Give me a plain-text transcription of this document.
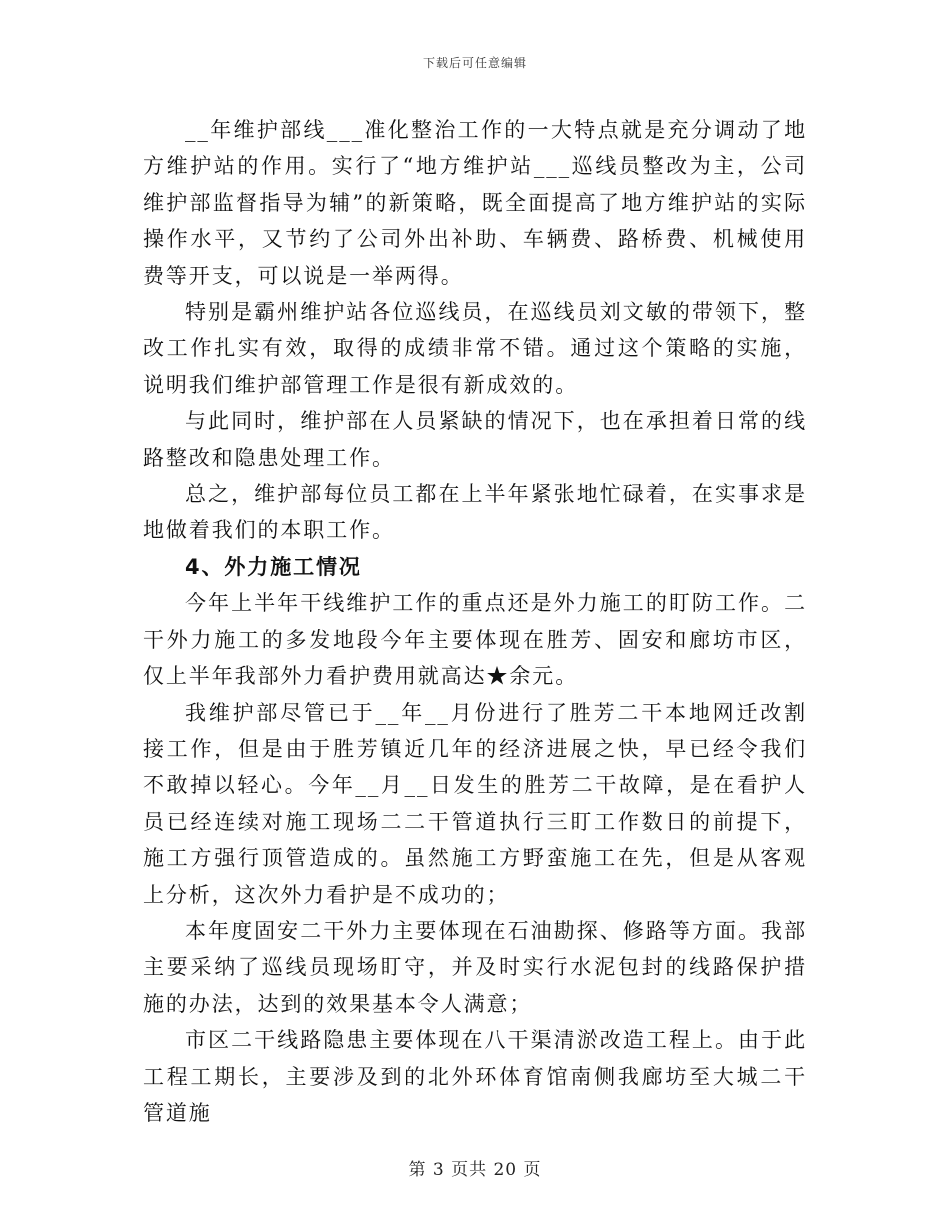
下载后可任意编辑

__年维护部线___准化整治工作的一大特点就是充分调动了地方维护站的作用。实行了“地方维护站___巡线员整改为主，公司维护部监督指导为辅”的新策略，既全面提高了地方维护站的实际操作水平，又节约了公司外出补助、车辆费、路桥费、机械使用费等开支，可以说是一举两得。

特别是霸州维护站各位巡线员，在巡线员刘文敏的带领下，整改工作扎实有效，取得的成绩非常不错。通过这个策略的实施，说明我们维护部管理工作是很有新成效的。

与此同时，维护部在人员紧缺的情况下，也在承担着日常的线路整改和隐患处理工作。

总之，维护部每位员工都在上半年紧张地忙碌着，在实事求是地做着我们的本职工作。

4、外力施工情况

今年上半年干线维护工作的重点还是外力施工的盯防工作。二干外力施工的多发地段今年主要体现在胜芳、固安和廊坊市区，仅上半年我部外力看护费用就高达★余元。

我维护部尽管已于__年__月份进行了胜芳二干本地网迁改割接工作，但是由于胜芳镇近几年的经济进展之快，早已经令我们不敢掉以轻心。今年__月__日发生的胜芳二干故障，是在看护人员已经连续对施工现场二二干管道执行三盯工作数日的前提下，施工方强行顶管造成的。虽然施工方野蛮施工在先，但是从客观上分析，这次外力看护是不成功的；

本年度固安二干外力主要体现在石油勘探、修路等方面。我部主要采纳了巡线员现场盯守，并及时实行水泥包封的线路保护措施的办法，达到的效果基本令人满意；

市区二干线路隐患主要体现在八干渠清淤改造工程上。由于此工程工期长，主要涉及到的北外环体育馆南侧我廊坊至大城二干管道施

第 3 页共 20 页
